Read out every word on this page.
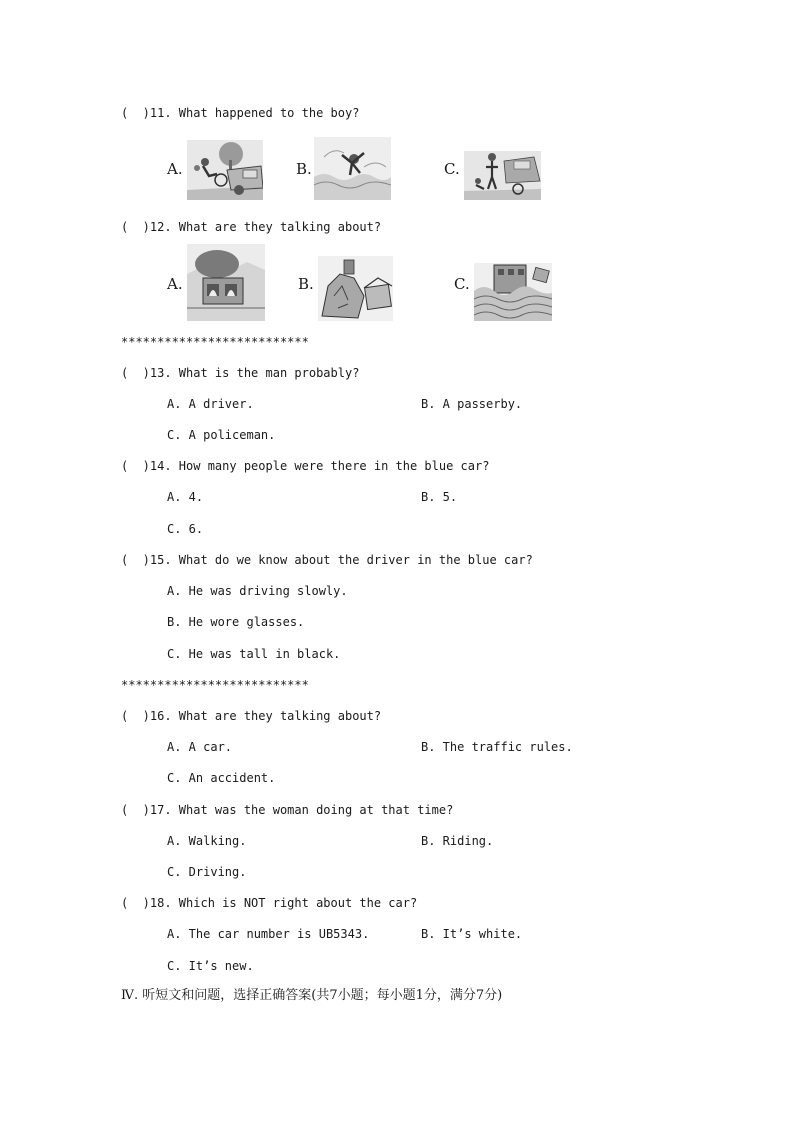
(  )11. What happened to the boy?
A.	B.	C.
(  )12. What are they talking about?
A.	B.	C.
**************************
(  )13. What is the man probably?
A. A driver.	B. A passerby.
C. A policeman.
(  )14. How many people were there in the blue car?
A. 4.	B. 5.
C. 6.
(  )15. What do we know about the driver in the blue car?
A. He was driving slowly.
B. He wore glasses.
C. He was tall in black.
**************************
(  )16. What are they talking about?
A. A car.	B. The traffic rules.
C. An accident.
(  )17. What was the woman doing at that time?
A. Walking.	B. Riding.
C. Driving.
(  )18. Which is NOT right about the car?
A. The car number is UB5343.	B. It’s white.
C. It’s new.
Ⅳ. 听短文和问题，选择正确答案(共7小题；每小题1分，满分7分)
